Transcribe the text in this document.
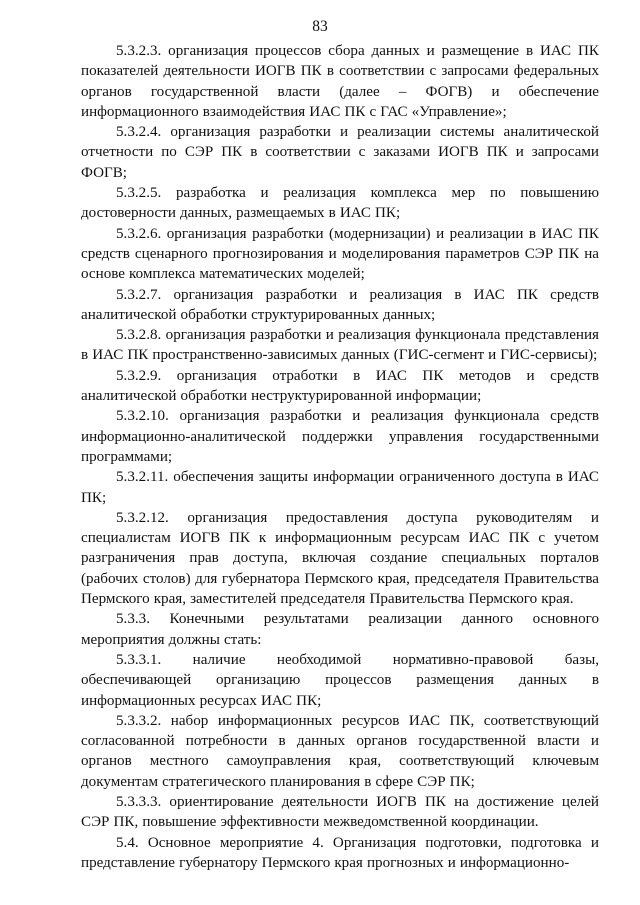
83

5.3.2.3. организация процессов сбора данных и размещение в ИАС ПК показателей деятельности ИОГВ ПК в соответствии с запросами федеральных органов государственной власти (далее – ФОГВ) и обеспечение информационного взаимодействия ИАС ПК с ГАС «Управление»;

5.3.2.4. организация разработки и реализации системы аналитической отчетности по СЭР ПК в соответствии с заказами ИОГВ ПК и запросами ФОГВ;

5.3.2.5. разработка и реализация комплекса мер по повышению достоверности данных, размещаемых в ИАС ПК;

5.3.2.6. организация разработки (модернизации) и реализации в ИАС ПК средств сценарного прогнозирования и моделирования параметров СЭР ПК на основе комплекса математических моделей;

5.3.2.7. организация разработки и реализация в ИАС ПК средств аналитической обработки структурированных данных;

5.3.2.8. организация разработки и реализация функционала представления в ИАС ПК пространственно-зависимых данных (ГИС-сегмент и ГИС-сервисы);

5.3.2.9. организация отработки в ИАС ПК методов и средств аналитической обработки неструктурированной информации;

5.3.2.10. организация разработки и реализация функционала средств информационно-аналитической поддержки управления государственными программами;

5.3.2.11. обеспечения защиты информации ограниченного доступа в ИАС ПК;

5.3.2.12. организация предоставления доступа руководителям и специалистам ИОГВ ПК к информационным ресурсам ИАС ПК с учетом разграничения прав доступа, включая создание специальных порталов (рабочих столов) для губернатора Пермского края, председателя Правительства Пермского края, заместителей председателя Правительства Пермского края.

5.3.3. Конечными результатами реализации данного основного мероприятия должны стать:

5.3.3.1. наличие необходимой нормативно-правовой базы, обеспечивающей организацию процессов размещения данных в информационных ресурсах ИАС ПК;

5.3.3.2. набор информационных ресурсов ИАС ПК, соответствующий согласованной потребности в данных органов государственной власти и органов местного самоуправления края, соответствующий ключевым документам стратегического планирования в сфере СЭР ПК;

5.3.3.3. ориентирование деятельности ИОГВ ПК на достижение целей СЭР ПК, повышение эффективности межведомственной координации.

5.4. Основное мероприятие 4. Организация подготовки, подготовка и представление губернатору Пермского края прогнозных и информационно-
